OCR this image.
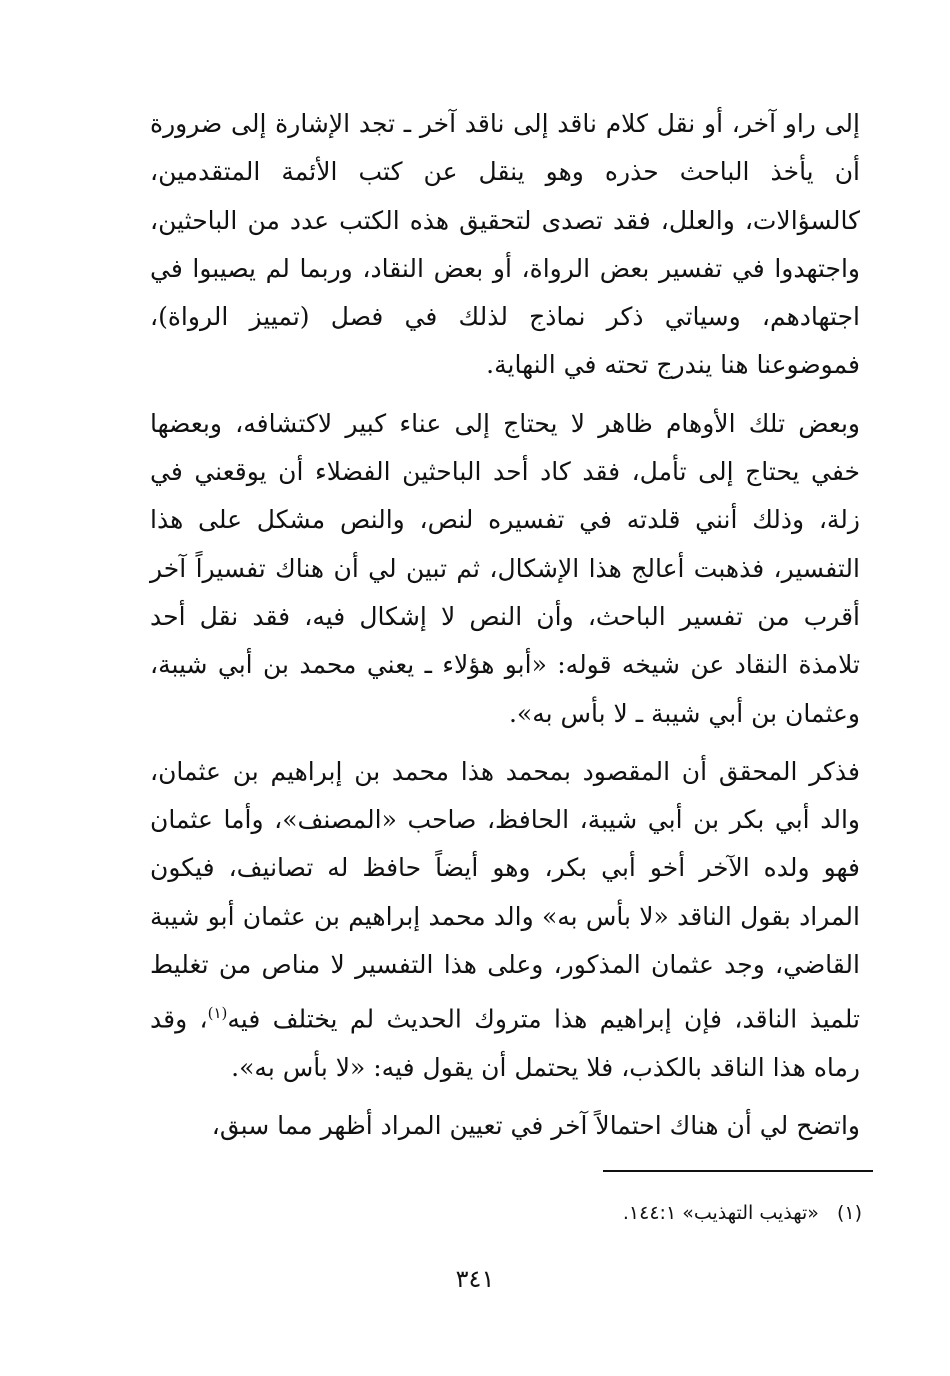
إلى راو آخر، أو نقل كلام ناقد إلى ناقد آخر ـ تجد الإشارة إلى ضرورة أن يأخذ الباحث حذره وهو ينقل عن كتب الأئمة المتقدمين، كالسؤالات، والعلل، فقد تصدى لتحقيق هذه الكتب عدد من الباحثين، واجتهدوا في تفسير بعض الرواة، أو بعض النقاد، وربما لم يصيبوا في اجتهادهم، وسياتي ذكر نماذج لذلك في فصل (تمييز الرواة)، فموضوعنا هنا يندرج تحته في النهاية.

وبعض تلك الأوهام ظاهر لا يحتاج إلى عناء كبير لاكتشافه، وبعضها خفي يحتاج إلى تأمل، فقد كاد أحد الباحثين الفضلاء أن يوقعني في زلة، وذلك أنني قلدته في تفسيره لنص، والنص مشكل على هذا التفسير، فذهبت أعالج هذا الإشكال، ثم تبين لي أن هناك تفسيراً آخر أقرب من تفسير الباحث، وأن النص لا إشكال فيه، فقد نقل أحد تلامذة النقاد عن شيخه قوله: «أبو هؤلاء ـ يعني محمد بن أبي شيبة، وعثمان بن أبي شيبة ـ لا بأس به».

فذكر المحقق أن المقصود بمحمد هذا محمد بن إبراهيم بن عثمان، والد أبي بكر بن أبي شيبة، الحافظ، صاحب «المصنف»، وأما عثمان فهو ولده الآخر أخو أبي بكر، وهو أيضاً حافظ له تصانيف، فيكون المراد بقول الناقد «لا بأس به» والد محمد إبراهيم بن عثمان أبو شيبة القاضي، وجد عثمان المذكور، وعلى هذا التفسير لا مناص من تغليط تلميذ الناقد، فإن إبراهيم هذا متروك الحديث لم يختلف فيه$^{(١)}$، وقد رماه هذا الناقد بالكذب، فلا يحتمل أن يقول فيه: «لا بأس به».

واتضح لي أن هناك احتمالاً آخر في تعيين المراد أظهر مما سبق،

(١)«تهذيب التهذيب» ١٤٤:١.
٣٤١
